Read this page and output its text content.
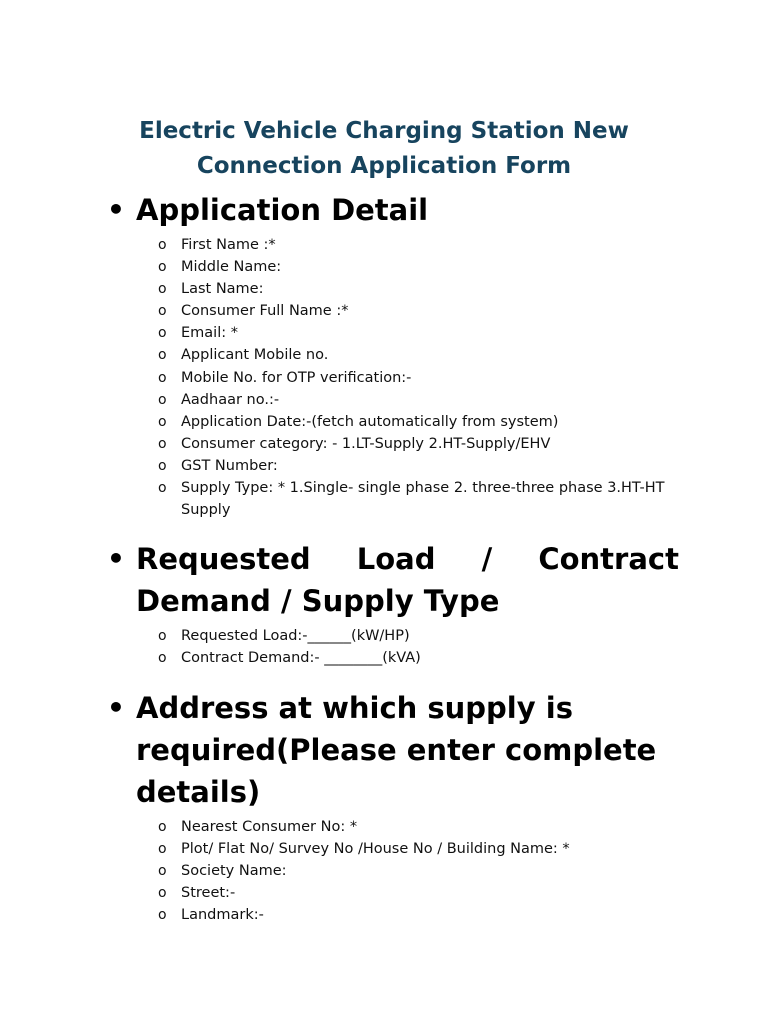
Electric Vehicle Charging Station New Connection Application Form
• Application Detail
o First Name :*
o Middle Name:
o Last Name:
o Consumer Full Name :*
o Email: *
o Applicant Mobile no.
o Mobile No. for OTP verification:-
o Aadhaar no.:-
o Application Date:-(fetch automatically from system)
o Consumer category: - 1.LT-Supply 2.HT-Supply/EHV
o GST Number:
o Supply Type: * 1.Single- single phase 2. three-three phase 3.HT-HT Supply
• Requested Load / Contract
Demand / Supply Type
o Requested Load:-______(kW/HP)
o Contract Demand:- ________(kVA)
• Address at which supply is required(Please enter complete details)
o Nearest Consumer No: *
o Plot/ Flat No/ Survey No /House No / Building Name: *
o Society Name:
o Street:-
o Landmark:-
